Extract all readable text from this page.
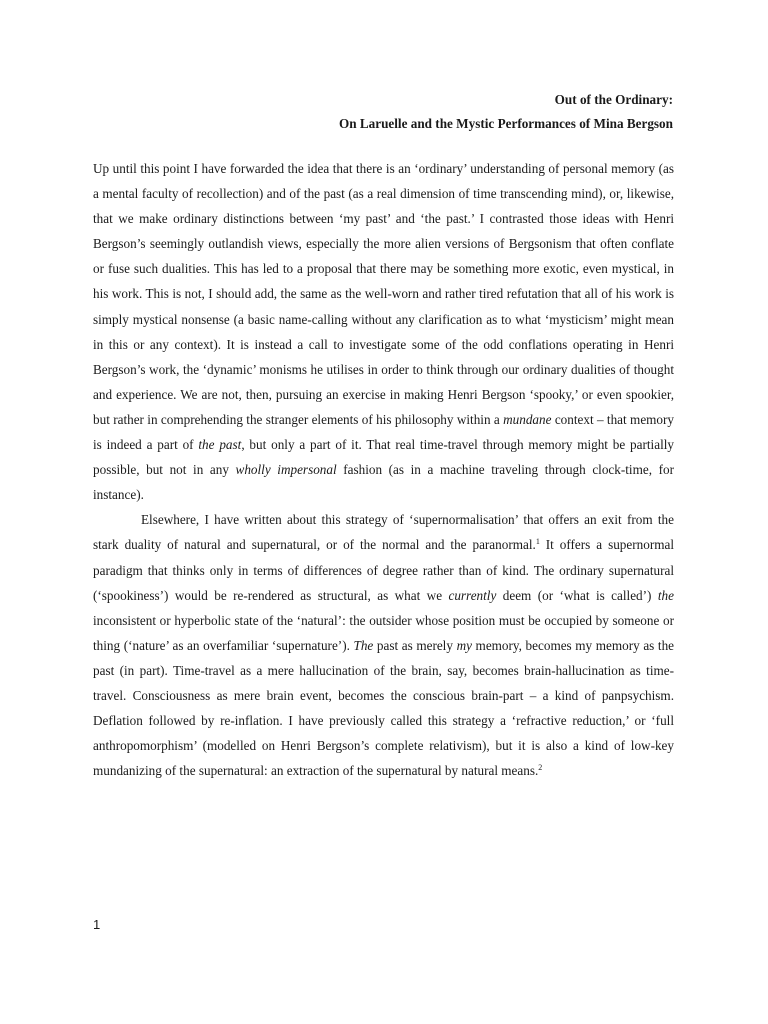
Out of the Ordinary:
On Laruelle and the Mystic Performances of Mina Bergson

Up until this point I have forwarded the idea that there is an ‘ordinary’ understanding of personal memory (as a mental faculty of recollection) and of the past (as a real dimension of time transcending mind), or, likewise, that we make ordinary distinctions between ‘my past’ and ‘the past.’ I contrasted those ideas with Henri Bergson’s seemingly outlandish views, especially the more alien versions of Bergsonism that often conflate or fuse such dualities. This has led to a proposal that there may be something more exotic, even mystical, in his work. This is not, I should add, the same as the well-worn and rather tired refutation that all of his work is simply mystical nonsense (a basic name-calling without any clarification as to what ‘mysticism’ might mean in this or any context). It is instead a call to investigate some of the odd conflations operating in Henri Bergson’s work, the ‘dynamic’ monisms he utilises in order to think through our ordinary dualities of thought and experience. We are not, then, pursuing an exercise in making Henri Bergson ‘spooky,’ or even spookier, but rather in comprehending the stranger elements of his philosophy within a mundane context – that memory is indeed a part of the past, but only a part of it. That real time-travel through memory might be partially possible, but not in any wholly impersonal fashion (as in a machine traveling through clock-time, for instance).

Elsewhere, I have written about this strategy of ‘supernormalisation’ that offers an exit from the stark duality of natural and supernatural, or of the normal and the paranormal.$^1$ It offers a supernormal paradigm that thinks only in terms of differences of degree rather than of kind. The ordinary supernatural (‘spookiness’) would be re-rendered as structural, as what we currently deem (or ‘what is called’) the inconsistent or hyperbolic state of the ‘natural’: the outsider whose position must be occupied by someone or thing (‘nature’ as an overfamiliar ‘supernature’). The past as merely my memory, becomes my memory as the past (in part). Time-travel as a mere hallucination of the brain, say, becomes brain-hallucination as time-travel. Consciousness as mere brain event, becomes the conscious brain-part – a kind of panpsychism. Deflation followed by re-inflation. I have previously called this strategy a ‘refractive reduction,’ or ‘full anthropomorphism’ (modelled on Henri Bergson’s complete relativism), but it is also a kind of low-key mundanizing of the supernatural: an extraction of the supernatural by natural means.$^2$

1
